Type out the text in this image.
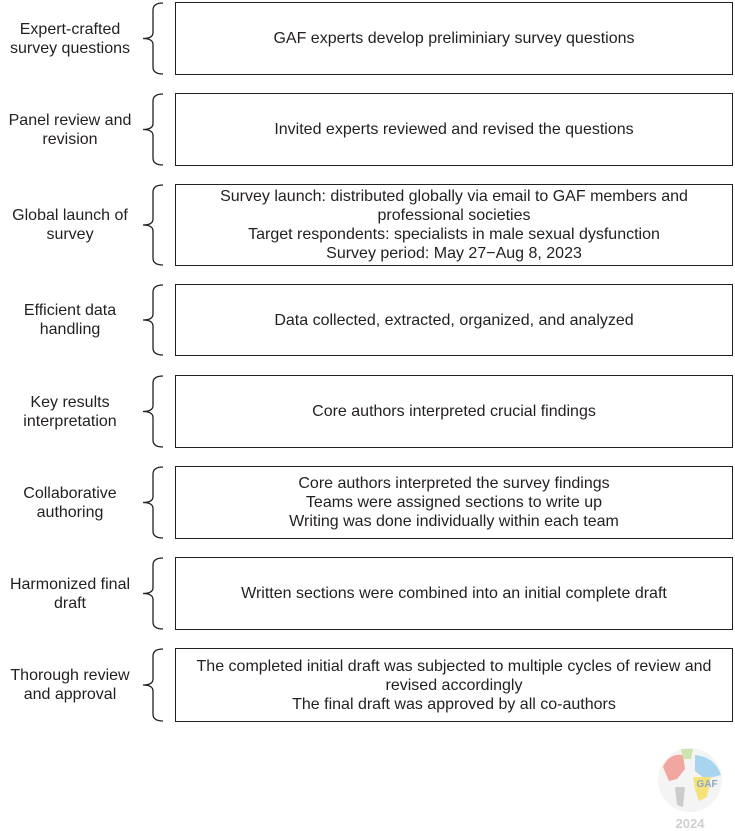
Expert-crafted survey questions
GAF experts develop preliminiary survey questions
Panel review and revision
Invited experts reviewed and revised the questions
Global launch of survey
Survey launch: distributed globally via email to GAF members and professional societies
Target respondents: specialists in male sexual dysfunction
Survey period: May 27−Aug 8, 2023
Efficient data handling
Data collected, extracted, organized, and analyzed
Key results interpretation
Core authors interpreted crucial findings
Collaborative authoring
Core authors interpreted the survey findings
Teams were assigned sections to write up
Writing was done individually within each team
Harmonized final draft
Written sections were combined into an initial complete draft
Thorough review and approval
The completed initial draft was subjected to multiple cycles of review and revised accordingly
The final draft was approved by all co-authors
GAF
2024
